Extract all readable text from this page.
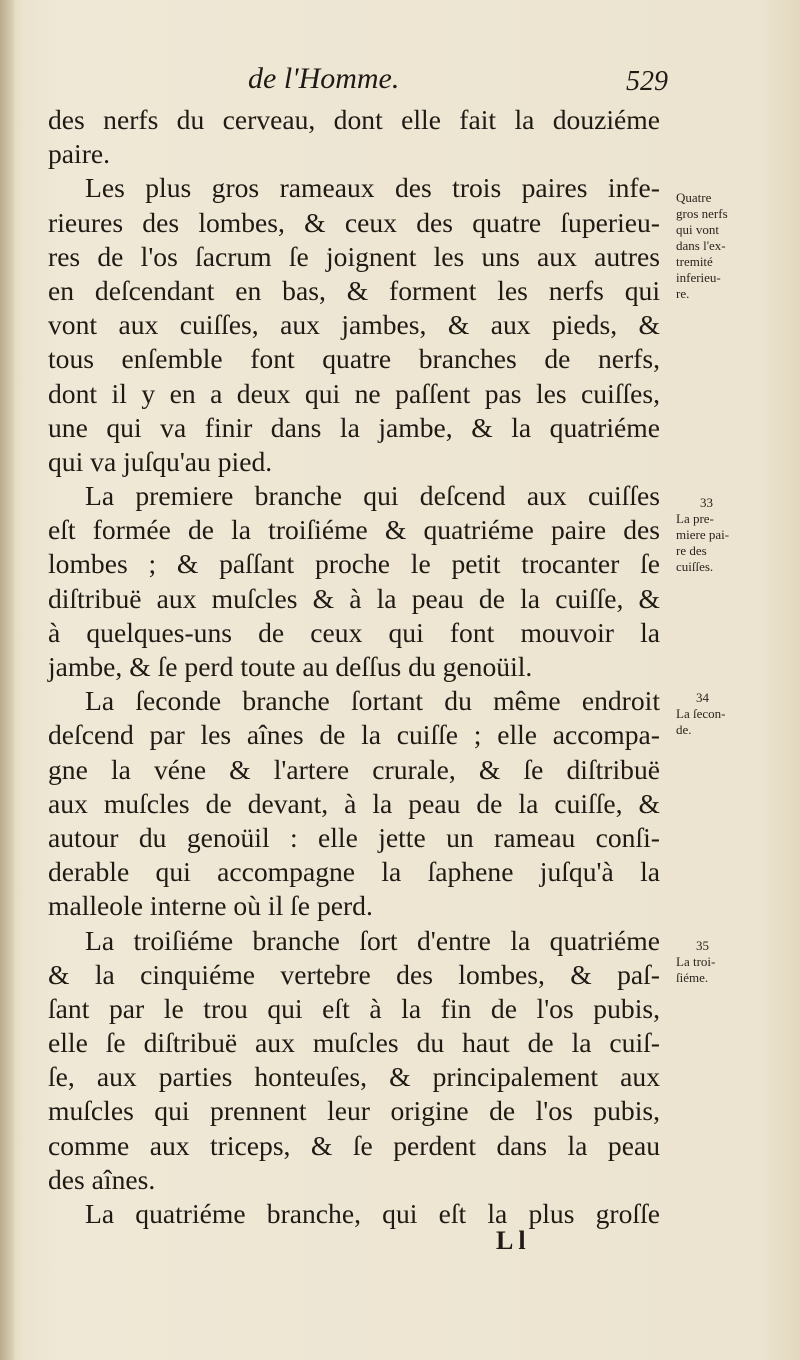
de l'Homme.	529
des nerfs du cerveau, dont elle fait la douziéme
paire.
Les plus gros rameaux des trois paires infe-
rieures des lombes, & ceux des quatre ſuperieu-
res de l'os ſacrum ſe joignent les uns aux autres
en deſcendant en bas, & forment les nerfs qui
vont aux cuiſſes, aux jambes, & aux pieds, &
tous enſemble font quatre branches de nerfs,
dont il y en a deux qui ne paſſent pas les cuiſſes,
une qui va finir dans la jambe, & la quatriéme
qui va juſqu'au pied.
La premiere branche qui deſcend aux cuiſſes
eſt formée de la troiſiéme & quatriéme paire des
lombes ; & paſſant proche le petit trocanter ſe
diſtribuë aux muſcles & à la peau de la cuiſſe, &
à quelques-uns de ceux qui font mouvoir la
jambe, & ſe perd toute au deſſus du genoüil.
La ſeconde branche ſortant du même endroit
deſcend par les aînes de la cuiſſe ; elle accompa-
gne la véne & l'artere crurale, & ſe diſtribuë
aux muſcles de devant, à la peau de la cuiſſe, &
autour du genoüil : elle jette un rameau conſi-
derable qui accompagne la ſaphene juſqu'à la
malleole interne où il ſe perd.
La troiſiéme branche ſort d'entre la quatriéme
& la cinquiéme vertebre des lombes, & paſ-
ſant par le trou qui eſt à la fin de l'os pubis,
elle ſe diſtribuë aux muſcles du haut de la cuiſ-
ſe, aux parties honteuſes, & principalement aux
muſcles qui prennent leur origine de l'os pubis,
comme aux triceps, & ſe perdent dans la peau
des aînes.
La quatriéme branche, qui eſt la plus groſſe
Quatre
gros nerfs
qui vont
dans l'ex-
tremité
inferieu-
re.
33
La pre-
miere pai-
re des
cuiſſes.
34
La ſecon-
de.
35
La troi-
ſiéme.
L l
